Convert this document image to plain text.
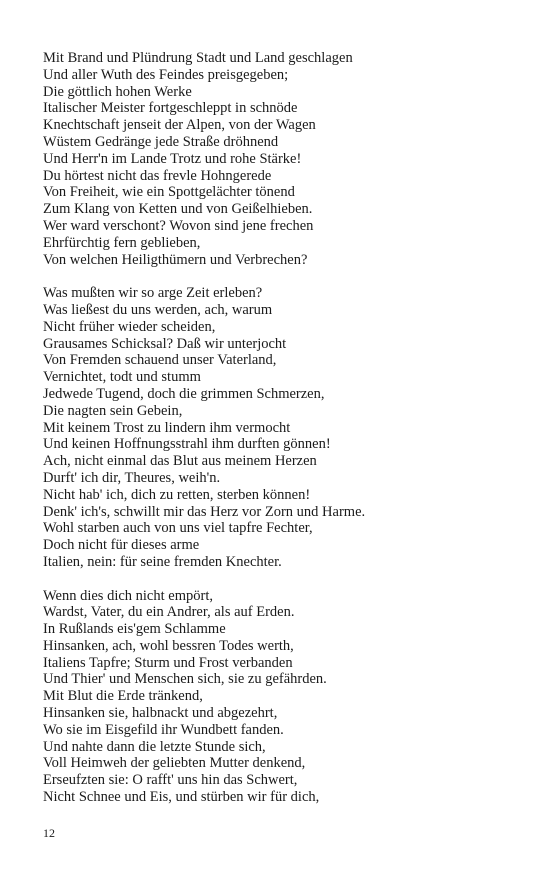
Mit Brand und Plündrung Stadt und Land geschlagen
Und aller Wuth des Feindes preisgegeben;
Die göttlich hohen Werke
Italischer Meister fortgeschleppt in schnöde
Knechtschaft jenseit der Alpen, von der Wagen
Wüstem Gedränge jede Straße dröhnend
Und Herr'n im Lande Trotz und rohe Stärke!
Du hörtest nicht das frevle Hohngerede
Von Freiheit, wie ein Spottgelächter tönend
Zum Klang von Ketten und von Geißelhieben.
Wer ward verschont? Wovon sind jene frechen
Ehrfürchtig fern geblieben,
Von welchen Heiligthümern und Verbrechen?
Was mußten wir so arge Zeit erleben?
Was ließest du uns werden, ach, warum
Nicht früher wieder scheiden,
Grausames Schicksal? Daß wir unterjocht
Von Fremden schauend unser Vaterland,
Vernichtet, todt und stumm
Jedwede Tugend, doch die grimmen Schmerzen,
Die nagten sein Gebein,
Mit keinem Trost zu lindern ihm vermocht
Und keinen Hoffnungsstrahl ihm durften gönnen!
Ach, nicht einmal das Blut aus meinem Herzen
Durft' ich dir, Theures, weih'n.
Nicht hab' ich, dich zu retten, sterben können!
Denk' ich's, schwillt mir das Herz vor Zorn und Harme.
Wohl starben auch von uns viel tapfre Fechter,
Doch nicht für dieses arme
Italien, nein: für seine fremden Knechter.
Wenn dies dich nicht empört,
Wardst, Vater, du ein Andrer, als auf Erden.
In Rußlands eis'gem Schlamme
Hinsanken, ach, wohl bessren Todes werth,
Italiens Tapfre; Sturm und Frost verbanden
Und Thier' und Menschen sich, sie zu gefährden.
Mit Blut die Erde tränkend,
Hinsanken sie, halbnackt und abgezehrt,
Wo sie im Eisgefild ihr Wundbett fanden.
Und nahte dann die letzte Stunde sich,
Voll Heimweh der geliebten Mutter denkend,
Erseufzten sie: O rafft' uns hin das Schwert,
Nicht Schnee und Eis, und stürben wir für dich,
12
